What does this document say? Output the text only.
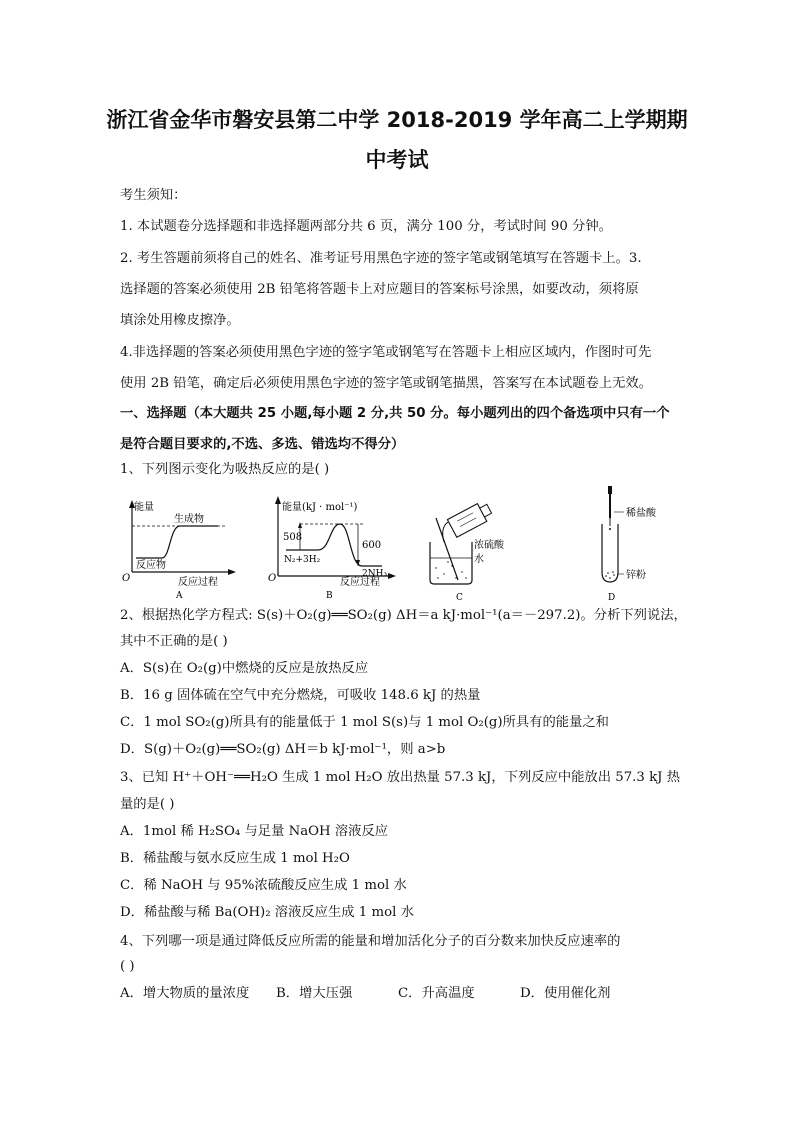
浙江省金华市磐安县第二中学 2018-2019 学年高二上学期期
中考试
考生须知：
1. 本试题卷分选择题和非选择题两部分共 6 页，满分 100 分，考试时间 90 分钟。
2. 考生答题前须将自己的姓名、准考证号用黑色字迹的签字笔或钢笔填写在答题卡上。3.
选择题的答案必须使用 2B 铅笔将答题卡上对应题目的答案标号涂黑，如要改动，须将原
填涂处用橡皮擦净。
4.非选择题的答案必须使用黑色字迹的签字笔或钢笔写在答题卡上相应区域内，作图时可先
使用 2B 铅笔，确定后必须使用黑色字迹的签字笔或钢笔描黑，答案写在本试题卷上无效。
一、选择题（本大题共 25 小题,每小题 2 分,共 50 分。每小题列出的四个备选项中只有一个
是符合题目要求的,不选、多选、错选均不得分）
1、下列图示变化为吸热反应的是( )
能量
生成物
反应物
O	反应过程
A
能量(kJ · mol⁻¹)
508
600
N₂+3H₂
2NH₃
O	反应过程
B
浓硫酸
水
C
稀盐酸
锌粉
D
2、根据热化学方程式: S(s)＋O₂(g)══SO₂(g) ΔH＝a kJ·mol⁻¹(a＝－297.2)。分析下列说法，
其中不正确的是( )
A．S(s)在 O₂(g)中燃烧的反应是放热反应
B．16 g 固体硫在空气中充分燃烧，可吸收 148.6 kJ 的热量
C．1 mol SO₂(g)所具有的能量低于 1 mol S(s)与 1 mol O₂(g)所具有的能量之和
D．S(g)＋O₂(g)══SO₂(g) ΔH＝b kJ·mol⁻¹，则 a>b
3、已知 H⁺＋OH⁻══H₂O 生成 1 mol H₂O 放出热量 57.3 kJ，下列反应中能放出 57.3 kJ 热
量的是( )
A．1mol 稀 H₂SO₄ 与足量 NaOH 溶液反应
B．稀盐酸与氨水反应生成 1 mol H₂O
C．稀 NaOH 与 95%浓硫酸反应生成 1 mol 水
D．稀盐酸与稀 Ba(OH)₂ 溶液反应生成 1 mol 水
4、下列哪一项是通过降低反应所需的能量和增加活化分子的百分数来加快反应速率的
( )
A．增大物质的量浓度 B．增大压强	C．升高温度	D．使用催化剂
